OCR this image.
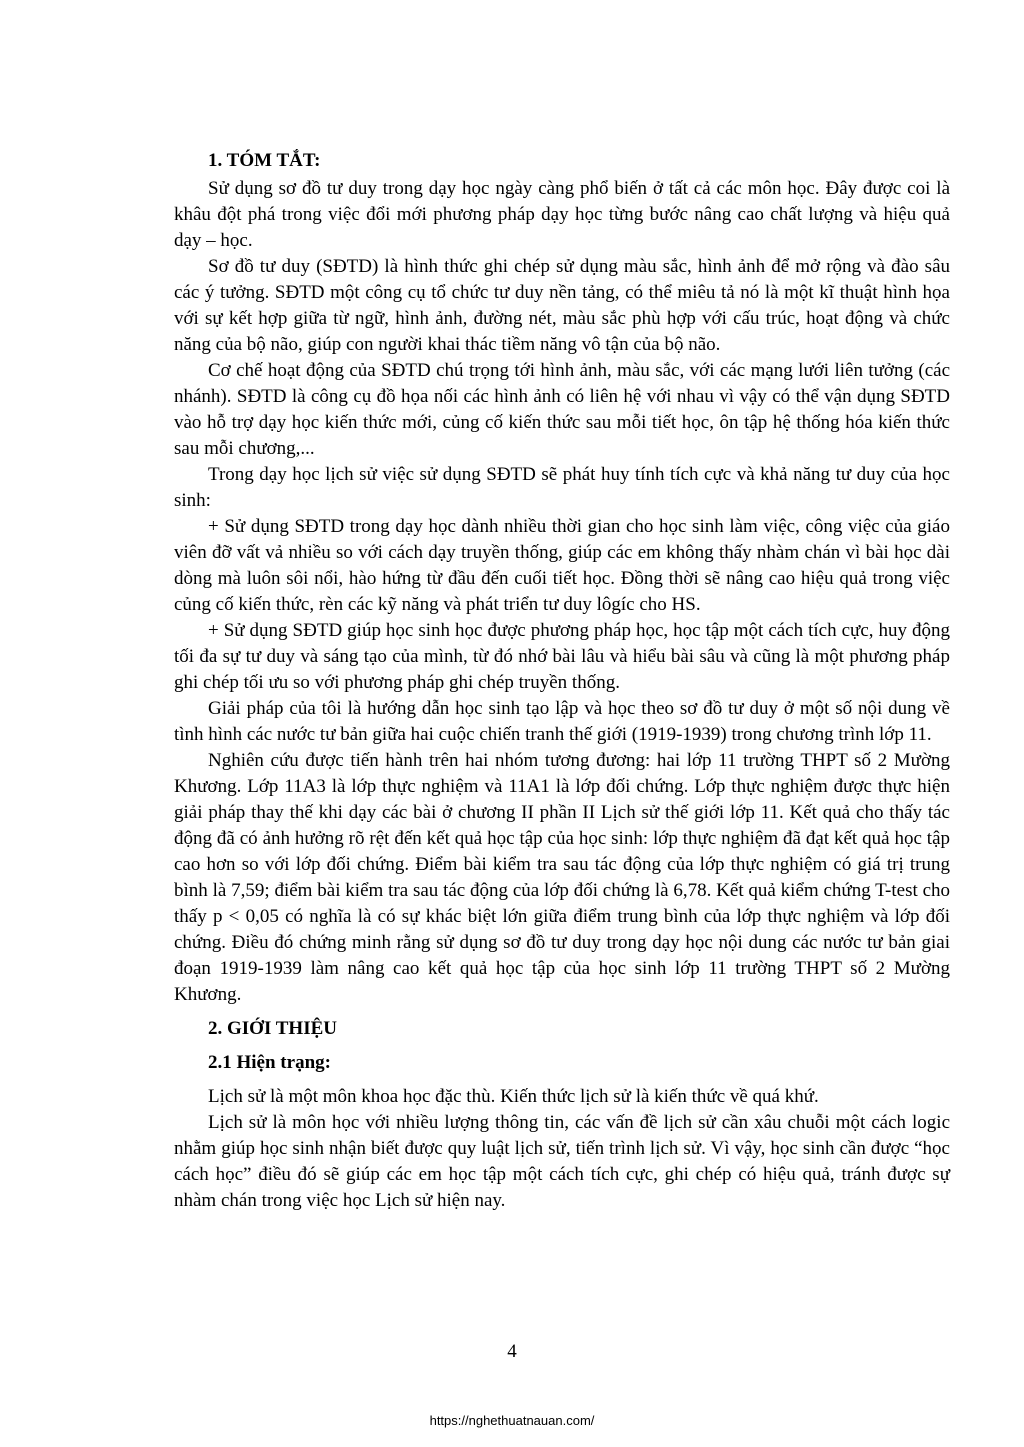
1. TÓM TẮT:

Sử dụng sơ đồ tư duy trong dạy học ngày càng phổ biến ở tất cả các môn học. Đây được coi là khâu đột phá trong việc đổi mới phương pháp dạy học từng bước nâng cao chất lượng và hiệu quả dạy – học.

Sơ đồ tư duy (SĐTD) là hình thức ghi chép sử dụng màu sắc, hình ảnh để mở rộng và đào sâu các ý tưởng. SĐTD một công cụ tổ chức tư duy nền tảng, có thể miêu tả nó là một kĩ thuật hình họa với sự kết hợp giữa từ ngữ, hình ảnh, đường nét, màu sắc phù hợp với cấu trúc, hoạt động và chức năng của bộ não, giúp con người khai thác tiềm năng vô tận của bộ não.

Cơ chế hoạt động của SĐTD chú trọng tới hình ảnh, màu sắc, với các mạng lưới liên tưởng (các nhánh). SĐTD là công cụ đồ họa nối các hình ảnh có liên hệ với nhau vì vậy có thể vận dụng SĐTD vào hỗ trợ dạy học kiến thức mới, củng cố kiến thức sau mỗi tiết học, ôn tập hệ thống hóa kiến thức sau mỗi chương,...

Trong dạy học lịch sử việc sử dụng SĐTD sẽ phát huy tính tích cực và khả năng tư duy của học sinh:

+ Sử dụng SĐTD trong dạy học dành nhiều thời gian cho học sinh làm việc, công việc của giáo viên đỡ vất vả nhiều so với cách dạy truyền thống, giúp các em không thấy nhàm chán vì bài học dài dòng mà luôn sôi nổi, hào hứng từ đầu đến cuối tiết học. Đồng thời sẽ nâng cao hiệu quả trong việc củng cố kiến thức, rèn các kỹ năng và phát triển tư duy lôgíc cho HS.

+ Sử dụng SĐTD giúp học sinh học được phương pháp học, học tập một cách tích cực, huy động tối đa sự tư duy và sáng tạo của mình, từ đó nhớ bài lâu và hiểu bài sâu và cũng là một phương pháp ghi chép tối ưu so với phương pháp ghi chép truyền thống.

Giải pháp của tôi là hướng dẫn học sinh tạo lập và học theo sơ đồ tư duy ở một số nội dung về tình hình các nước tư bản giữa hai cuộc chiến tranh thế giới (1919-1939) trong chương trình lớp 11.

Nghiên cứu được tiến hành trên hai nhóm tương đương: hai lớp 11 trường THPT số 2 Mường Khương. Lớp 11A3 là lớp thực nghiệm và 11A1 là lớp đối chứng. Lớp thực nghiệm được thực hiện giải pháp thay thế khi dạy các bài ở chương II phần II Lịch sử thế giới lớp 11. Kết quả cho thấy tác động đã có ảnh hưởng rõ rệt đến kết quả học tập của học sinh: lớp thực nghiệm đã đạt kết quả học tập cao hơn so với lớp đối chứng. Điểm bài kiểm tra sau tác động của lớp thực nghiệm có giá trị trung bình là 7,59; điểm bài kiểm tra sau tác động của lớp đối chứng là 6,78. Kết quả kiểm chứng T-test cho thấy p < 0,05 có nghĩa là có sự khác biệt lớn giữa điểm trung bình của lớp thực nghiệm và lớp đối chứng. Điều đó chứng minh rằng sử dụng sơ đồ tư duy trong dạy học nội dung các nước tư bản giai đoạn 1919-1939 làm nâng cao kết quả học tập của học sinh lớp 11 trường THPT số 2 Mường Khương.

2. GIỚI THIỆU

2.1 Hiện trạng:

Lịch sử là một môn khoa học đặc thù. Kiến thức lịch sử là kiến thức về quá khứ.

Lịch sử là môn học với nhiều lượng thông tin, các vấn đề lịch sử cần xâu chuỗi một cách logic nhằm giúp học sinh nhận biết được quy luật lịch sử, tiến trình lịch sử. Vì vậy, học sinh cần được “học cách học” điều đó sẽ giúp các em học tập một cách tích cực, ghi chép có hiệu quả, tránh được sự nhàm chán trong việc học Lịch sử hiện nay.

4
https://nghethuatnauan.com/
